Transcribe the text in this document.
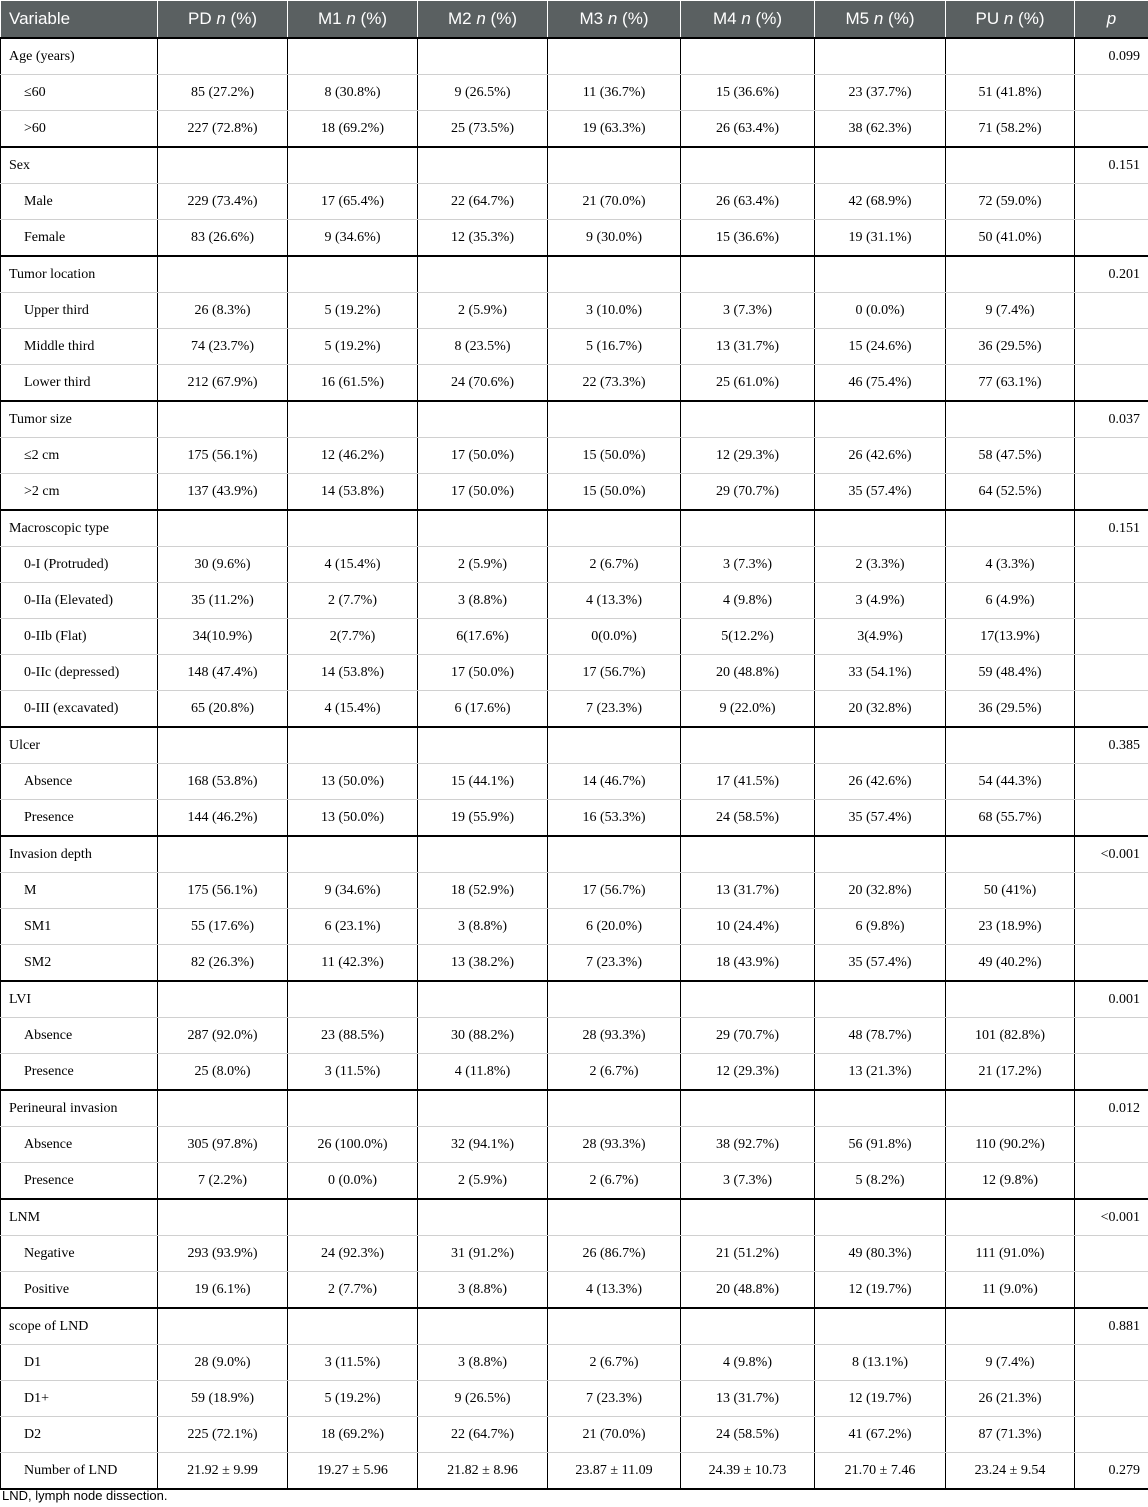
Variable	PD n (%)	M1 n (%)	M2 n (%)	M3 n (%)	M4 n (%)	M5 n (%)	PU n (%)	p
Age (years)								0.099
≤60	85 (27.2%)	8 (30.8%)	9 (26.5%)	11 (36.7%)	15 (36.6%)	23 (37.7%)	51 (41.8%)	
>60	227 (72.8%)	18 (69.2%)	25 (73.5%)	19 (63.3%)	26 (63.4%)	38 (62.3%)	71 (58.2%)	
Sex								0.151
Male	229 (73.4%)	17 (65.4%)	22 (64.7%)	21 (70.0%)	26 (63.4%)	42 (68.9%)	72 (59.0%)	
Female	83 (26.6%)	9 (34.6%)	12 (35.3%)	9 (30.0%)	15 (36.6%)	19 (31.1%)	50 (41.0%)	
Tumor location								0.201
Upper third	26 (8.3%)	5 (19.2%)	2 (5.9%)	3 (10.0%)	3 (7.3%)	0 (0.0%)	9 (7.4%)	
Middle third	74 (23.7%)	5 (19.2%)	8 (23.5%)	5 (16.7%)	13 (31.7%)	15 (24.6%)	36 (29.5%)	
Lower third	212 (67.9%)	16 (61.5%)	24 (70.6%)	22 (73.3%)	25 (61.0%)	46 (75.4%)	77 (63.1%)	
Tumor size								0.037
≤2 cm	175 (56.1%)	12 (46.2%)	17 (50.0%)	15 (50.0%)	12 (29.3%)	26 (42.6%)	58 (47.5%)	
>2 cm	137 (43.9%)	14 (53.8%)	17 (50.0%)	15 (50.0%)	29 (70.7%)	35 (57.4%)	64 (52.5%)	
Macroscopic type								0.151
0-I (Protruded)	30 (9.6%)	4 (15.4%)	2 (5.9%)	2 (6.7%)	3 (7.3%)	2 (3.3%)	4 (3.3%)	
0-IIa (Elevated)	35 (11.2%)	2 (7.7%)	3 (8.8%)	4 (13.3%)	4 (9.8%)	3 (4.9%)	6 (4.9%)	
0-IIb (Flat)	34(10.9%)	2(7.7%)	6(17.6%)	0(0.0%)	5(12.2%)	3(4.9%)	17(13.9%)	
0-IIc (depressed)	148 (47.4%)	14 (53.8%)	17 (50.0%)	17 (56.7%)	20 (48.8%)	33 (54.1%)	59 (48.4%)	
0-III (excavated)	65 (20.8%)	4 (15.4%)	6 (17.6%)	7 (23.3%)	9 (22.0%)	20 (32.8%)	36 (29.5%)	
Ulcer								0.385
Absence	168 (53.8%)	13 (50.0%)	15 (44.1%)	14 (46.7%)	17 (41.5%)	26 (42.6%)	54 (44.3%)	
Presence	144 (46.2%)	13 (50.0%)	19 (55.9%)	16 (53.3%)	24 (58.5%)	35 (57.4%)	68 (55.7%)	
Invasion depth								<0.001
M	175 (56.1%)	9 (34.6%)	18 (52.9%)	17 (56.7%)	13 (31.7%)	20 (32.8%)	50 (41%)	
SM1	55 (17.6%)	6 (23.1%)	3 (8.8%)	6 (20.0%)	10 (24.4%)	6 (9.8%)	23 (18.9%)	
SM2	82 (26.3%)	11 (42.3%)	13 (38.2%)	7 (23.3%)	18 (43.9%)	35 (57.4%)	49 (40.2%)	
LVI								0.001
Absence	287 (92.0%)	23 (88.5%)	30 (88.2%)	28 (93.3%)	29 (70.7%)	48 (78.7%)	101 (82.8%)	
Presence	25 (8.0%)	3 (11.5%)	4 (11.8%)	2 (6.7%)	12 (29.3%)	13 (21.3%)	21 (17.2%)	
Perineural invasion								0.012
Absence	305 (97.8%)	26 (100.0%)	32 (94.1%)	28 (93.3%)	38 (92.7%)	56 (91.8%)	110 (90.2%)	
Presence	7 (2.2%)	0 (0.0%)	2 (5.9%)	2 (6.7%)	3 (7.3%)	5 (8.2%)	12 (9.8%)	
LNM								<0.001
Negative	293 (93.9%)	24 (92.3%)	31 (91.2%)	26 (86.7%)	21 (51.2%)	49 (80.3%)	111 (91.0%)	
Positive	19 (6.1%)	2 (7.7%)	3 (8.8%)	4 (13.3%)	20 (48.8%)	12 (19.7%)	11 (9.0%)	
scope of LND								0.881
D1	28 (9.0%)	3 (11.5%)	3 (8.8%)	2 (6.7%)	4 (9.8%)	8 (13.1%)	9 (7.4%)	
D1+	59 (18.9%)	5 (19.2%)	9 (26.5%)	7 (23.3%)	13 (31.7%)	12 (19.7%)	26 (21.3%)	
D2	225 (72.1%)	18 (69.2%)	22 (64.7%)	21 (70.0%)	24 (58.5%)	41 (67.2%)	87 (71.3%)	
Number of LND	21.92 ± 9.99	19.27 ± 5.96	21.82 ± 8.96	23.87 ± 11.09	24.39 ± 10.73	21.70 ± 7.46	23.24 ± 9.54	0.279
LND, lymph node dissection.
